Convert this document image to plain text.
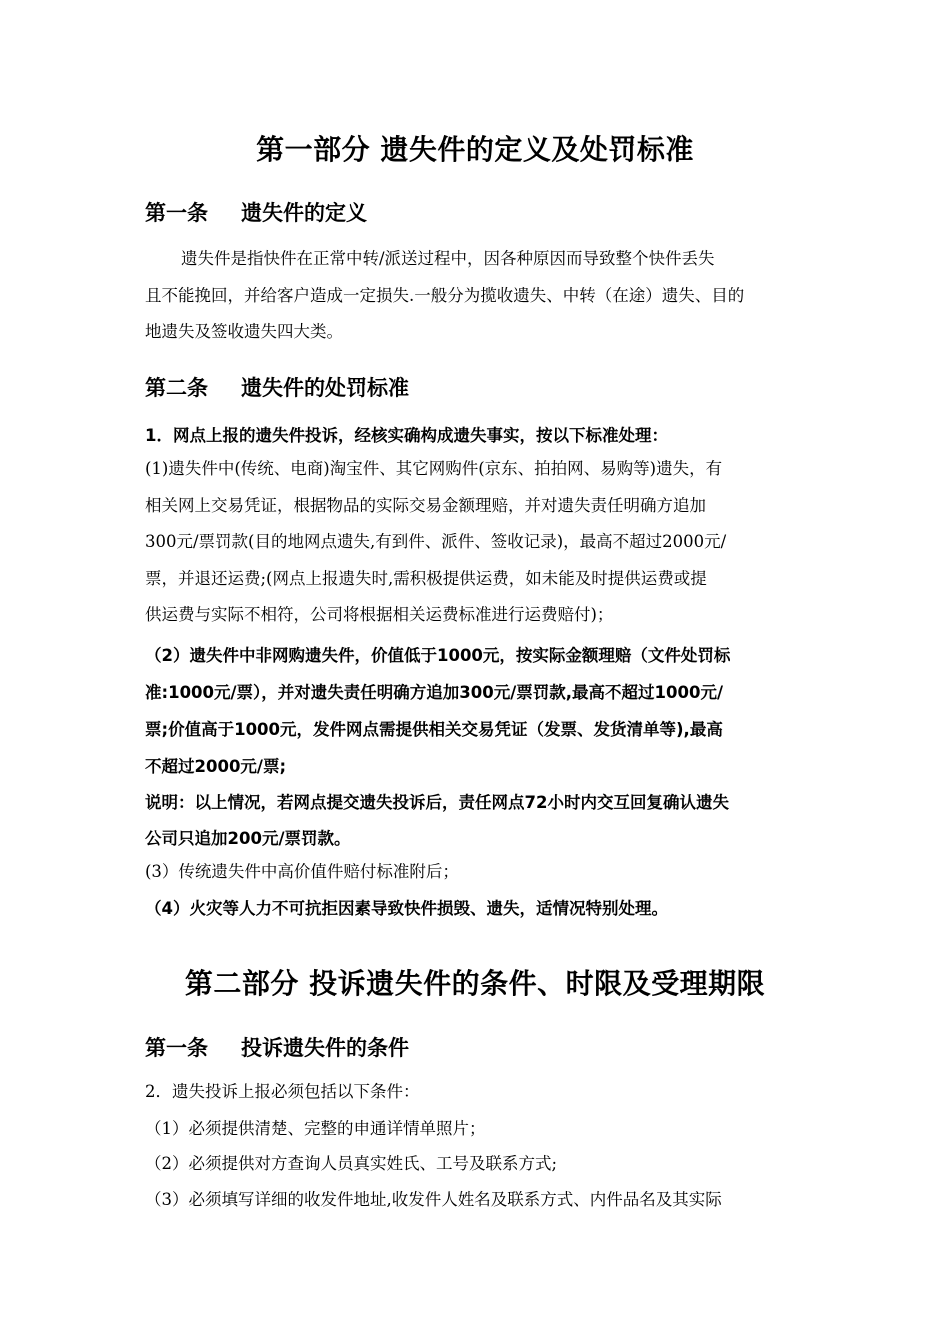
第一部分 遗失件的定义及处罚标准
第一条 遗失件的定义
遗失件是指快件在正常中转/派送过程中，因各种原因而导致整个快件丢失
且不能挽回，并给客户造成一定损失.一般分为揽收遗失、中转（在途）遗失、目的
地遗失及签收遗失四大类。
第二条 遗失件的处罚标准
1．网点上报的遗失件投诉，经核实确构成遗失事实，按以下标准处理：
(1)遗失件中(传统、电商)淘宝件、其它网购件(京东、拍拍网、易购等)遗失，有
相关网上交易凭证，根据物品的实际交易金额理赔，并对遗失责任明确方追加
300元/票罚款(目的地网点遗失,有到件、派件、签收记录)，最高不超过2000元/
票，并退还运费;(网点上报遗失时,需积极提供运费，如未能及时提供运费或提
供运费与实际不相符，公司将根据相关运费标准进行运费赔付)；
（2）遗失件中非网购遗失件，价值低于1000元，按实际金额理赔（文件处罚标
准:1000元/票），并对遗失责任明确方追加300元/票罚款,最高不超过1000元/
票;价值高于1000元，发件网点需提供相关交易凭证（发票、发货清单等),最高
不超过2000元/票;
说明：以上情况，若网点提交遗失投诉后，责任网点72小时内交互回复确认遗失
公司只追加200元/票罚款。
(3）传统遗失件中高价值件赔付标准附后；
（4）火灾等人力不可抗拒因素导致快件损毁、遗失，适情况特别处理。
第二部分 投诉遗失件的条件、时限及受理期限
第一条 投诉遗失件的条件
2．遗失投诉上报必须包括以下条件：
（1）必须提供清楚、完整的申通详情单照片；
（2）必须提供对方查询人员真实姓氏、工号及联系方式;
（3）必须填写详细的收发件地址,收发件人姓名及联系方式、内件品名及其实际
